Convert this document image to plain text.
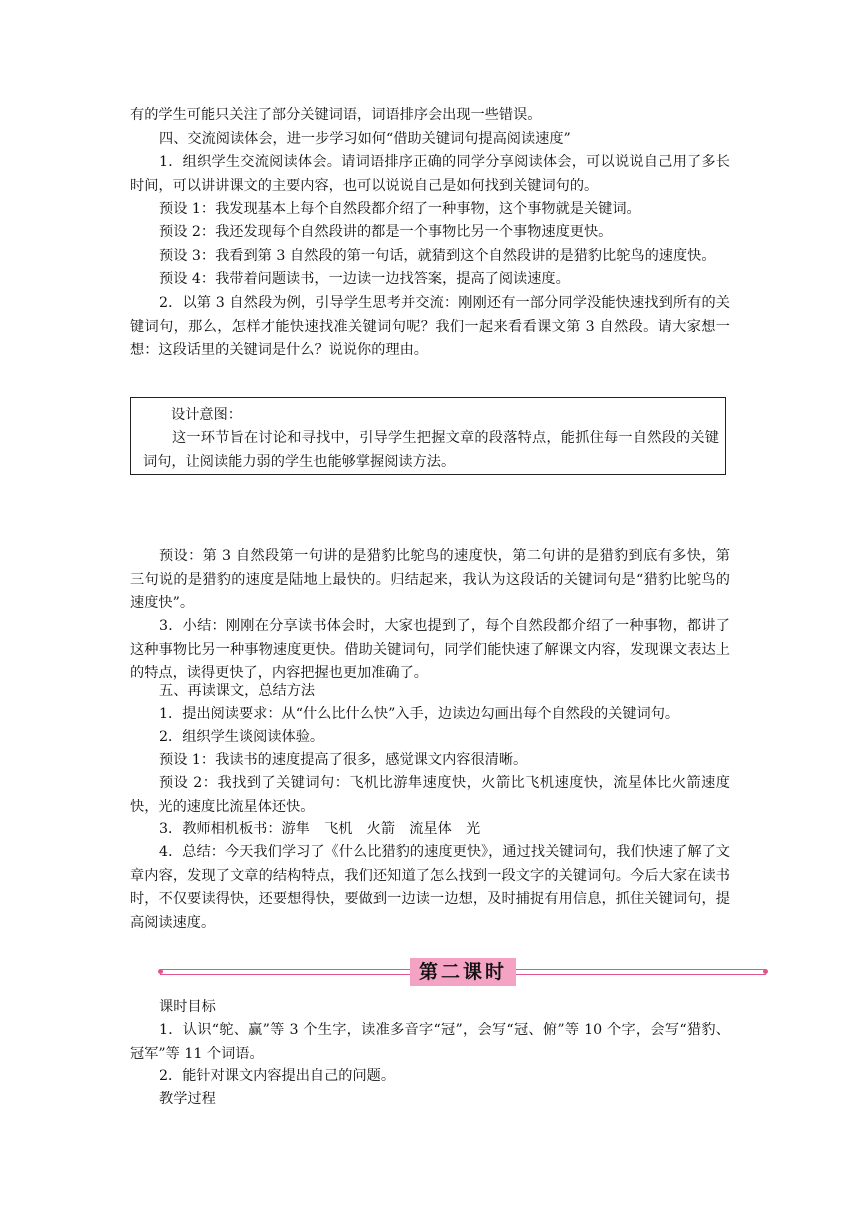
有的学生可能只关注了部分关键词语，词语排序会出现一些错误。

四、交流阅读体会，进一步学习如何“借助关键词句提高阅读速度”

1．组织学生交流阅读体会。请词语排序正确的同学分享阅读体会，可以说说自己用了多长时间，可以讲讲课文的主要内容，也可以说说自己是如何找到关键词句的。

预设 1：我发现基本上每个自然段都介绍了一种事物，这个事物就是关键词。

预设 2：我还发现每个自然段讲的都是一个事物比另一个事物速度更快。

预设 3：我看到第 3 自然段的第一句话，就猜到这个自然段讲的是猎豹比鸵鸟的速度快。

预设 4：我带着问题读书，一边读一边找答案，提高了阅读速度。

2．以第 3 自然段为例，引导学生思考并交流：刚刚还有一部分同学没能快速找到所有的关键词句，那么，怎样才能快速找准关键词句呢？我们一起来看看课文第 3 自然段。请大家想一想：这段话里的关键词是什么？说说你的理由。

设计意图：
这一环节旨在讨论和寻找中，引导学生把握文章的段落特点，能抓住每一自然段的关键词句，让阅读能力弱的学生也能够掌握阅读方法。

预设：第 3 自然段第一句讲的是猎豹比鸵鸟的速度快，第二句讲的是猎豹到底有多快，第三句说的是猎豹的速度是陆地上最快的。归结起来，我认为这段话的关键词句是“猎豹比鸵鸟的速度快”。

3．小结：刚刚在分享读书体会时，大家也提到了，每个自然段都介绍了一种事物，都讲了这种事物比另一种事物速度更快。借助关键词句，同学们能快速了解课文内容，发现课文表达上的特点，读得更快了，内容把握也更加准确了。

五、再读课文，总结方法

1．提出阅读要求：从“什么比什么快”入手，边读边勾画出每个自然段的关键词句。

2．组织学生谈阅读体验。

预设 1：我读书的速度提高了很多，感觉课文内容很清晰。

预设 2：我找到了关键词句：飞机比游隼速度快，火箭比飞机速度快，流星体比火箭速度快，光的速度比流星体还快。

3．教师相机板书：游隼　飞机　火箭　流星体　光

4．总结：今天我们学习了《什么比猎豹的速度更快》，通过找关键词句，我们快速了解了文章内容，发现了文章的结构特点，我们还知道了怎么找到一段文字的关键词句。今后大家在读书时，不仅要读得快，还要想得快，要做到一边读一边想，及时捕捉有用信息，抓住关键词句，提高阅读速度。

第二课时

课时目标

1．认识“鸵、赢”等 3 个生字，读准多音字“冠”，会写“冠、俯”等 10 个字，会写“猎豹、冠军”等 11 个词语。

2．能针对课文内容提出自己的问题。

教学过程
